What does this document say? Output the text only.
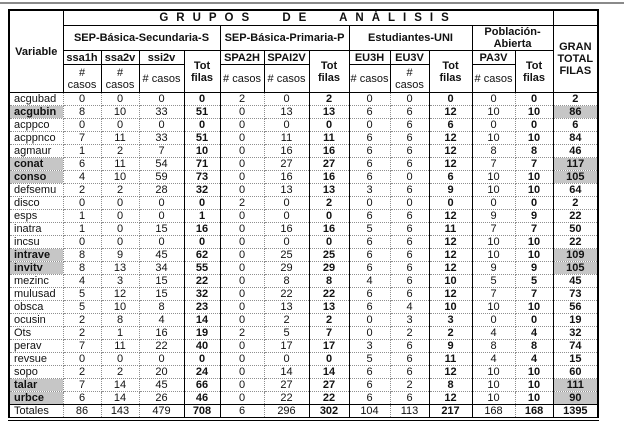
Variable	GRUPOS DE ANÁLISIS												
	SEP-Básica-Secundaria-S				SEP-Básica-Primaria-P			Estudiantes-UNI			Población-Abierta		GRAN TOTAL FILAS
	ssa1h	ssa2v	ssi2v	Tot filas	SPA2H	SPAI2V	Tot filas	EU3H	EU3V	Tot filas	PA3V	Tot filas	
	# casos	# casos	# casos		# casos	# casos		# casos	# casos		# casos		
acgubad	0	0	0	0	2	0	2	0	0	0	0	0	2
acgubin	8	10	33	51	0	13	13	6	6	12	10	10	86
acppco	0	0	0	0	0	0	0	0	6	6	0	0	6
acppnco	7	11	33	51	0	11	11	6	6	12	10	10	84
agmaur	1	2	7	10	0	16	16	6	6	12	8	8	46
conat	6	11	54	71	0	27	27	6	6	12	7	7	117
conso	4	10	59	73	0	16	16	6	0	6	10	10	105
defsemu	2	2	28	32	0	13	13	3	6	9	10	10	64
disco	0	0	0	0	2	0	2	0	0	0	0	0	2
esps	1	0	0	1	0	0	0	6	6	12	9	9	22
inatra	1	0	15	16	0	16	16	5	6	11	7	7	50
incsu	0	0	0	0	0	0	0	6	6	12	10	10	22
intrave	8	9	45	62	0	25	25	6	6	12	10	10	109
invitv	8	13	34	55	0	29	29	6	6	12	9	9	105
mezinc	4	3	15	22	0	8	8	4	6	10	5	5	45
mulusad	5	12	15	32	0	22	22	6	6	12	7	7	73
obsca	5	10	8	23	0	13	13	6	4	10	10	10	56
ocusin	2	8	4	14	0	2	2	0	3	3	0	0	19
Ots	2	1	16	19	2	5	7	0	2	2	4	4	32
perav	7	11	22	40	0	17	17	3	6	9	8	8	74
revsue	0	0	0	0	0	0	0	5	6	11	4	4	15
sopo	2	2	20	24	0	14	14	6	6	12	10	10	60
talar	7	14	45	66	0	27	27	6	2	8	10	10	111
urbce	6	14	26	46	0	22	22	6	6	12	10	10	90
Totales	86	143	479	708	6	296	302	104	113	217	168	168	1395
